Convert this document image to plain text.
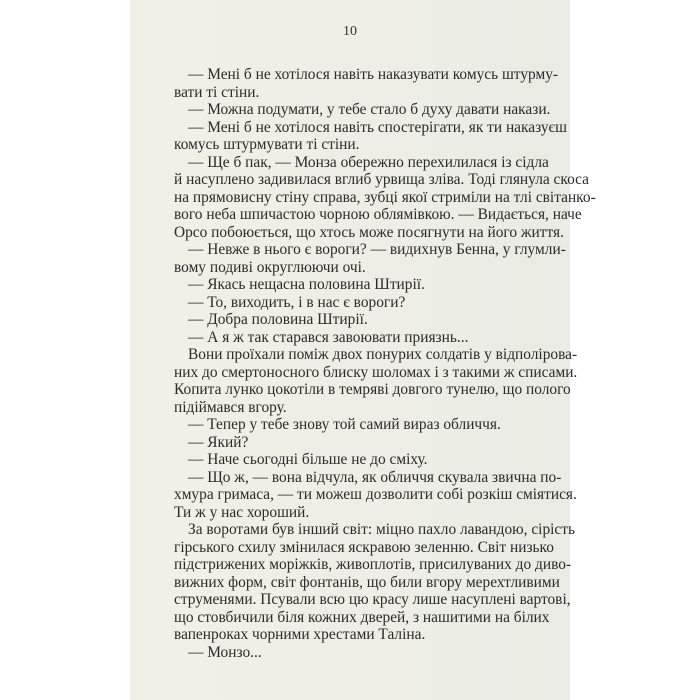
10
— Мені б не хотілося навіть наказувати комусь штурму-
вати ті стіни.
— Можна подумати, у тебе стало б духу давати накази.
— Мені б не хотілося навіть спостерігати, як ти наказуєш
комусь штурмувати ті стіни.
— Ще б пак, — Монза обережно перехилилася із сідла
й насуплено задивилася вглиб урвища зліва. Тоді глянула скоса
на прямовисну стіну справа, зубці якої стриміли на тлі світанко-
вого неба шпичастою чорною облямівкою. — Видається, наче
Орсо побоюється, що хтось може посягнути на його життя.
— Невже в нього є вороги? — видихнув Бенна, у глумли-
вому подиві округлюючи очі.
— Якась нещасна половина Штирії.
— То, виходить, і в нас є вороги?
— Добра половина Штирії.
— А я ж так старався завоювати приязнь...
Вони проїхали поміж двох понурих солдатів у відполірова-
них до смертоносного блиску шоломах і з такими ж списами.
Копита лунко цокотіли в темряві довгого тунелю, що полого
підіймався вгору.
— Тепер у тебе знову той самий вираз обличчя.
— Який?
— Наче сьогодні більше не до сміху.
— Що ж, — вона відчула, як обличчя скувала звична по-
хмура гримаса, — ти можеш дозволити собі розкіш сміятися.
Ти ж у нас хороший.
За воротами був інший світ: міцно пахло лавандою, сірість
гірського схилу змінилася яскравою зеленню. Світ низько
підстрижених моріжків, живоплотів, присилуваних до диво-
вижних форм, світ фонтанів, що били вгору мерехтливими
струменями. Псували всю цю красу лише насуплені вартові,
що стовбичили біля кожних дверей, з нашитими на білих
вапенроках чорними хрестами Таліна.
— Монзо...
